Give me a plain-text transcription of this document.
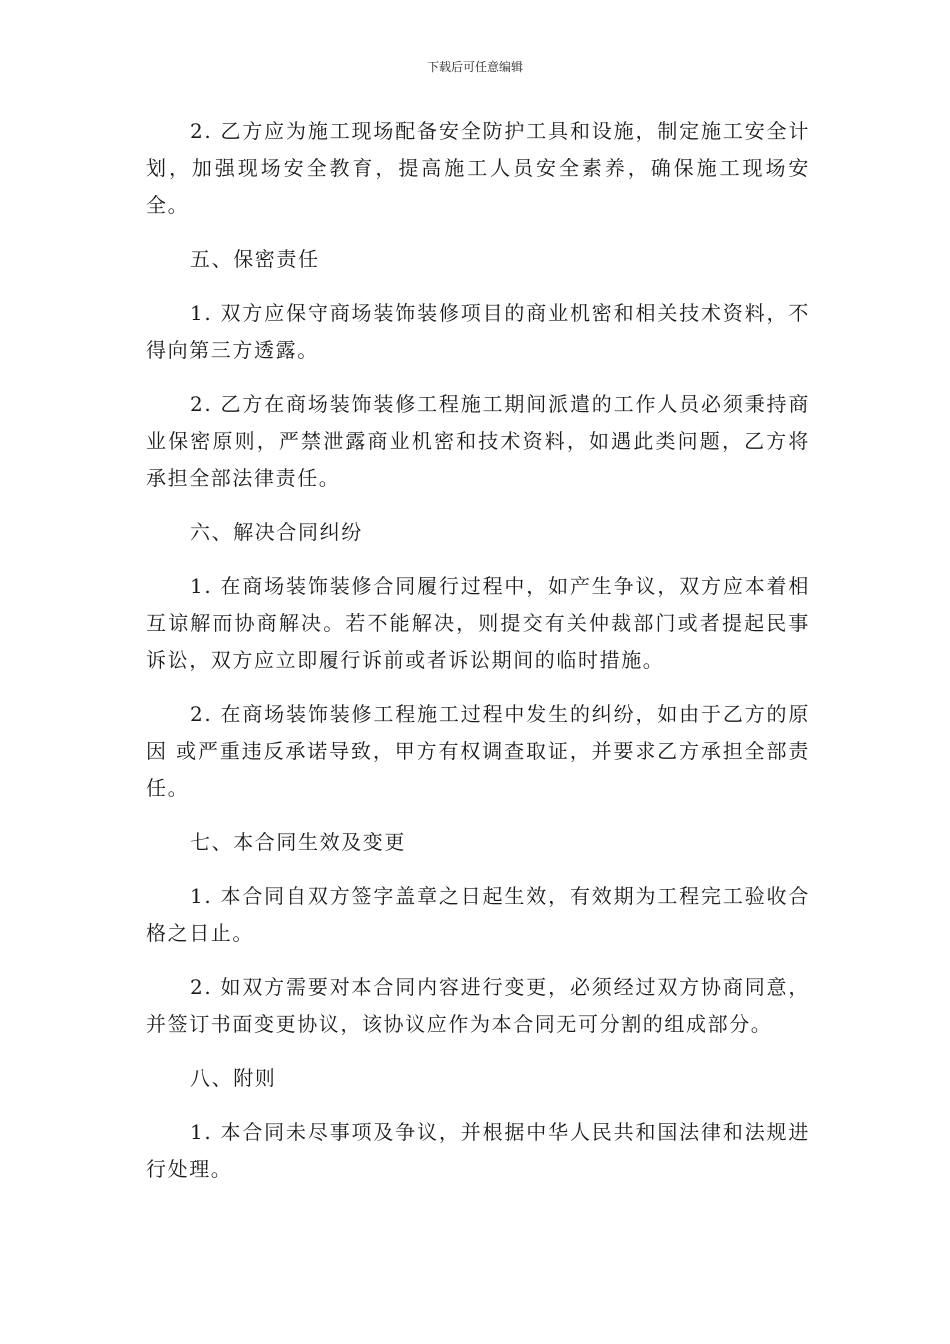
下载后可任意编辑

2. 乙方应为施工现场配备安全防护工具和设施，制定施工安全计划，加强现场安全教育，提高施工人员安全素养，确保施工现场安全。

五、保密责任

1. 双方应保守商场装饰装修项目的商业机密和相关技术资料，不得向第三方透露。

2. 乙方在商场装饰装修工程施工期间派遣的工作人员必须秉持商业保密原则，严禁泄露商业机密和技术资料，如遇此类问题，乙方将承担全部法律责任。

六、解决合同纠纷

1. 在商场装饰装修合同履行过程中，如产生争议，双方应本着相互谅解而协商解决。若不能解决，则提交有关仲裁部门或者提起民事诉讼，双方应立即履行诉前或者诉讼期间的临时措施。

2. 在商场装饰装修工程施工过程中发生的纠纷，如由于乙方的原因 或严重违反承诺导致，甲方有权调查取证，并要求乙方承担全部责任。

七、本合同生效及变更

1. 本合同自双方签字盖章之日起生效，有效期为工程完工验收合格之日止。

2. 如双方需要对本合同内容进行变更，必须经过双方协商同意，并签订书面变更协议，该协议应作为本合同无可分割的组成部分。

八、附则

1. 本合同未尽事项及争议，并根据中华人民共和国法律和法规进行处理。
